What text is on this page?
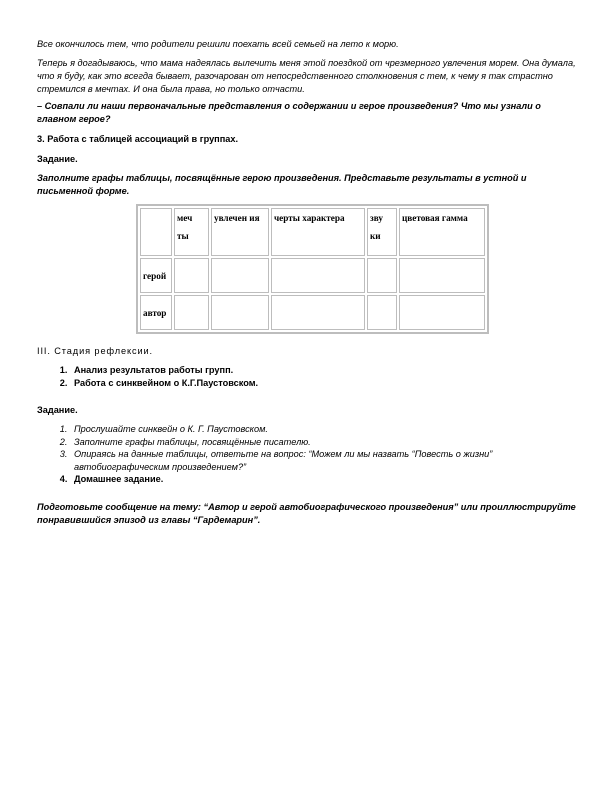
Все окончилось тем, что родители решили поехать всей семьей на лето к морю.

Теперь я догадываюсь, что мама надеялась вылечить меня этой поездкой от чрезмерного увлечения морем. Она думала, что я буду, как это всегда бывает, разочарован от непосредственного столкновения с тем, к чему я так страстно стремился в мечтах. И она была права, но только отчасти.

– Совпали ли наши первоначальные представления о содержании и герое произведения? Что мы узнали о главном герое?

3. Работа с таблицей ассоциаций в группах.

Задание.

Заполните графы таблицы, посвящённые герою произведения. Представьте результаты в устной и письменной форме.

	меч ты	увлечен ия	черты характера	зву ки	цветовая гамма
герой					
автор					

III. Стадия рефлексии.

1. Анализ результатов работы групп.
2. Работа с синквейном о К.Г.Паустовском.

Задание.

1. Прослушайте синквейн о К. Г. Паустовском.
2. Заполните графы таблицы, посвящённые писателю.
3. Опираясь на данные таблицы, ответьте на вопрос: “Можем ли мы назвать “Повесть о жизни” автобиографическим произведением?”
4. Домашнее задание.

Подготовьте сообщение на тему: “Автор и герой автобиографического произведения” или проиллюстрируйте понравившийся эпизод из главы “Гардемарин”.
